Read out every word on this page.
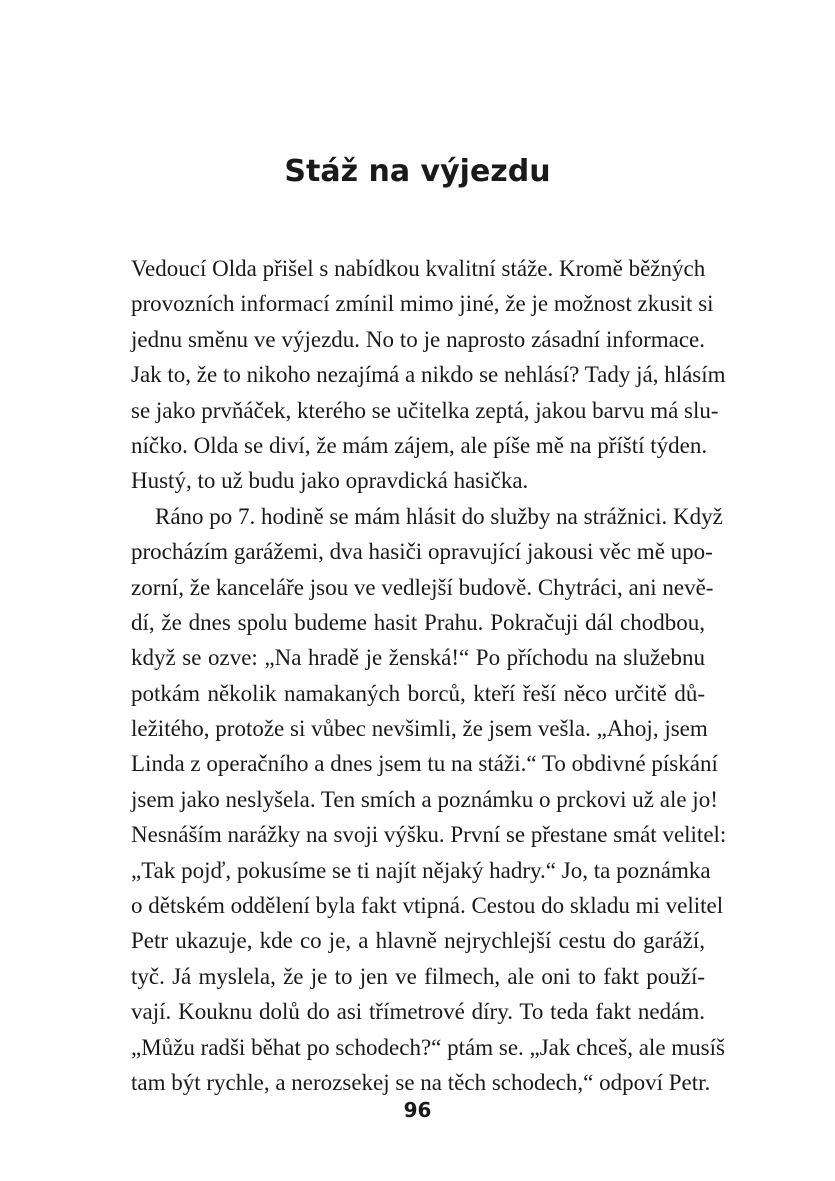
Stáž na výjezdu
Vedoucí Olda přišel s nabídkou kvalitní stáže. Kromě běžných
provozních informací zmínil mimo jiné, že je možnost zkusit si
jednu směnu ve výjezdu. No to je naprosto zásadní informace.
Jak to, že to nikoho nezajímá a nikdo se nehlásí? Tady já, hlásím
se jako prvňáček, kterého se učitelka zeptá, jakou barvu má slu-
níčko. Olda se diví, že mám zájem, ale píše mě na příští týden.
Hustý, to už budu jako opravdická hasička.
Ráno po 7. hodině se mám hlásit do služby na strážnici. Když
procházím garážemi, dva hasiči opravující jakousi věc mě upo-
zorní, že kanceláře jsou ve vedlejší budově. Chytráci, ani nevě-
dí, že dnes spolu budeme hasit Prahu. Pokračuji dál chodbou,
když se ozve: „Na hradě je ženská!“ Po příchodu na služebnu
potkám několik namakaných borců, kteří řeší něco určitě dů-
ležitého, protože si vůbec nevšimli, že jsem vešla. „Ahoj, jsem
Linda z operačního a dnes jsem tu na stáži.“ To obdivné pískání
jsem jako neslyšela. Ten smích a poznámku o prckovi už ale jo!
Nesnáším narážky na svoji výšku. První se přestane smát velitel:
„Tak pojď, pokusíme se ti najít nějaký hadry.“ Jo, ta poznámka
o dětském oddělení byla fakt vtipná. Cestou do skladu mi velitel
Petr ukazuje, kde co je, a hlavně nejrychlejší cestu do garáží,
tyč. Já myslela, že je to jen ve filmech, ale oni to fakt použí-
vají. Kouknu dolů do asi třímetrové díry. To teda fakt nedám.
„Můžu radši běhat po schodech?“ ptám se. „Jak chceš, ale musíš
tam být rychle, a nerozsekej se na těch schodech,“ odpoví Petr.
96
